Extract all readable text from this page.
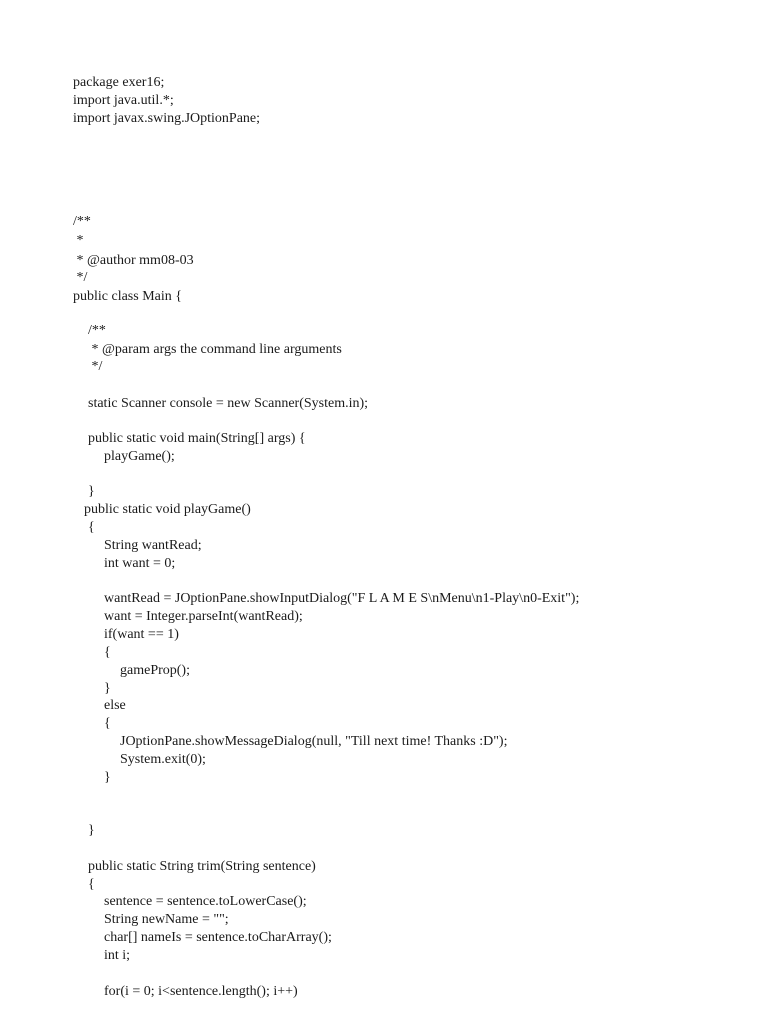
package exer16;
import java.util.*;
import javax.swing.JOptionPane;
/**
*
* @author mm08-03
*/
public class Main {
/**
* @param args the command line arguments
*/
static Scanner console = new Scanner(System.in);
public static void main(String[] args) {
playGame();
}
public static void playGame()
{
String wantRead;
int want = 0;
wantRead = JOptionPane.showInputDialog("F L A M E S\nMenu\n1-Play\n0-Exit");
want = Integer.parseInt(wantRead);
if(want == 1)
{
gameProp();
}
else
{
JOptionPane.showMessageDialog(null, "Till next time! Thanks :D");
System.exit(0);
}
}
public static String trim(String sentence)
{
sentence = sentence.toLowerCase();
String newName = "";
char[] nameIs = sentence.toCharArray();
int i;
for(i = 0; i<sentence.length(); i++)
